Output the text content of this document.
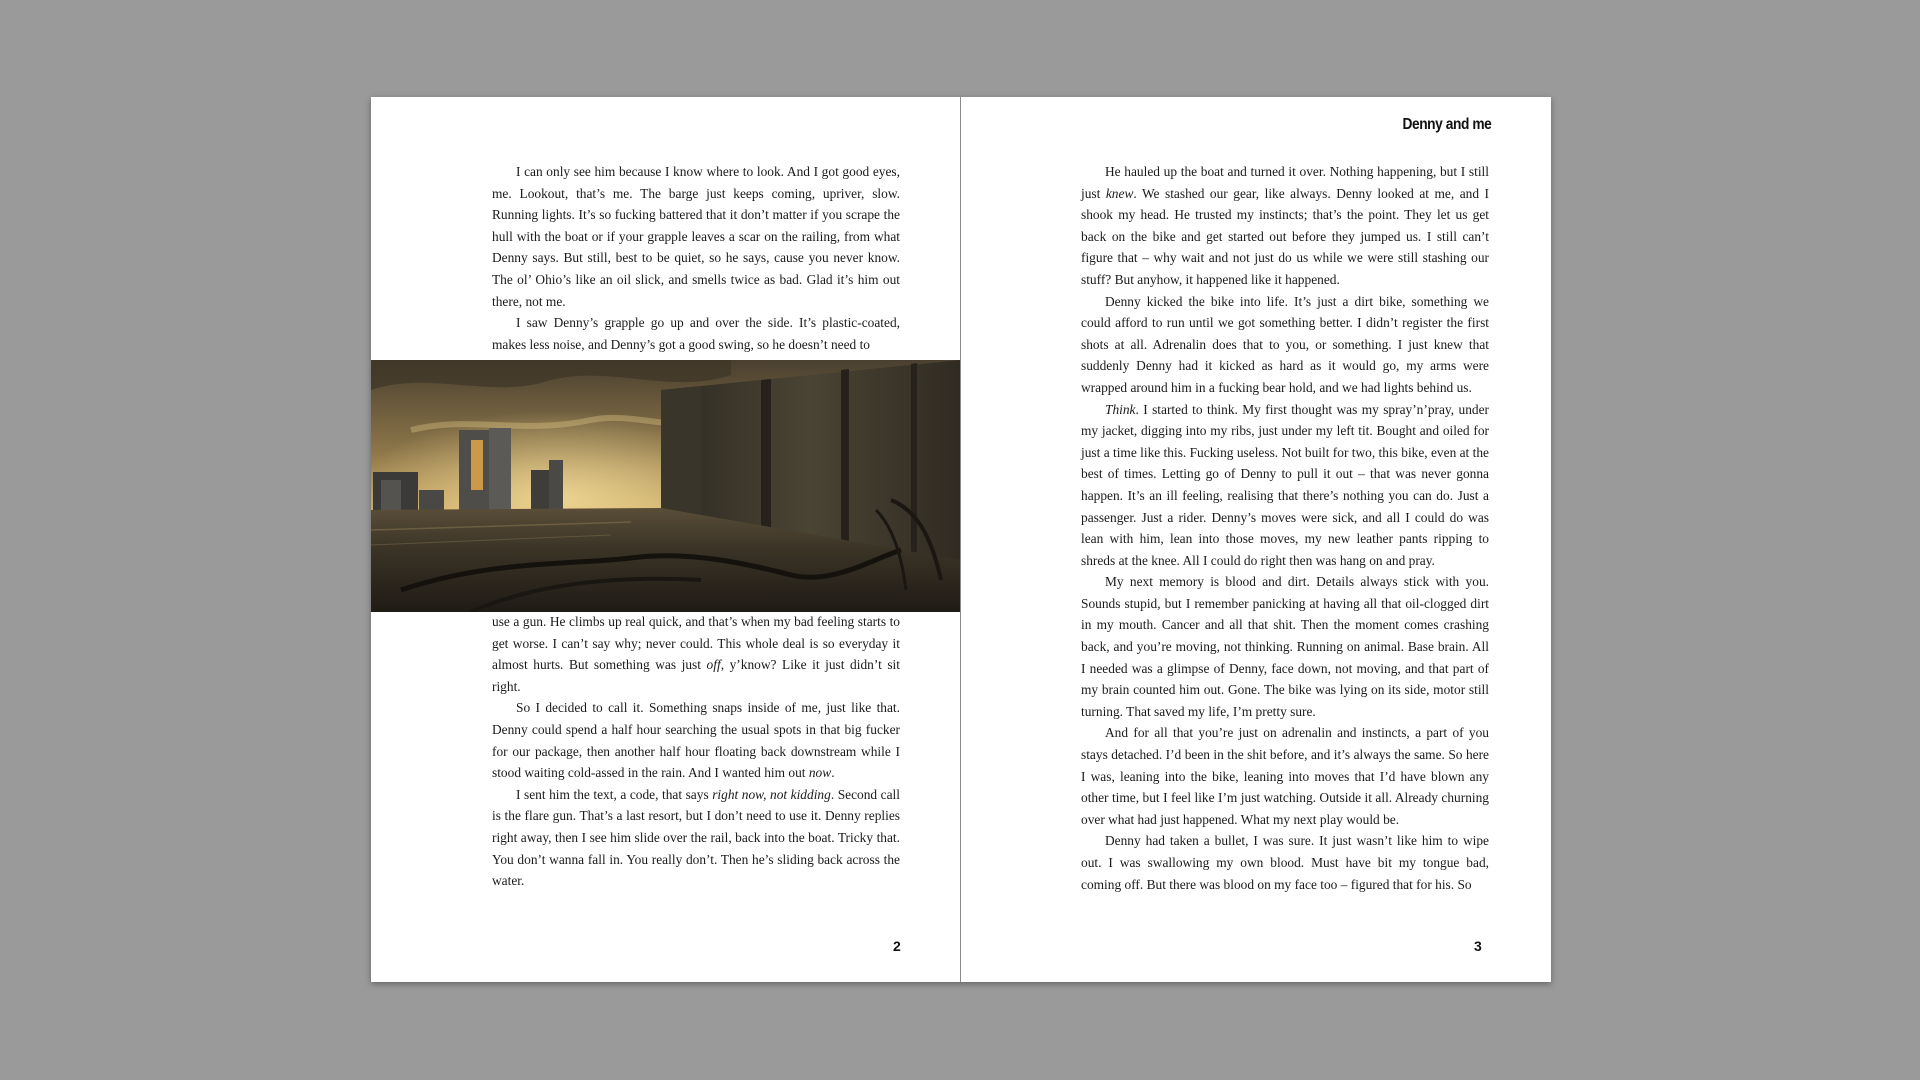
I can only see him because I know where to look. And I got good eyes, me. Lookout, that’s me. The barge just keeps coming, upriver, slow. Running lights. It’s so fucking battered that it don’t matter if you scrape the hull with the boat or if your grapple leaves a scar on the railing, from what Denny says. But still, best to be quiet, so he says, cause you never know. The ol’ Ohio’s like an oil slick, and smells twice as bad. Glad it’s him out there, not me.

I saw Denny’s grapple go up and over the side. It’s plastic-coated, makes less noise, and Denny’s got a good swing, so he doesn’t need to

use a gun. He climbs up real quick, and that’s when my bad feeling starts to get worse. I can’t say why; never could. This whole deal is so everyday it almost hurts. But something was just off, y’know? Like it just didn’t sit right.

So I decided to call it. Something snaps inside of me, just like that. Denny could spend a half hour searching the usual spots in that big fucker for our package, then another half hour floating back downstream while I stood waiting cold-assed in the rain. And I wanted him out now.

I sent him the text, a code, that says right now, not kidding. Second call is the flare gun. That’s a last resort, but I don’t need to use it. Denny replies right away, then I see him slide over the rail, back into the boat. Tricky that. You don’t wanna fall in. You really don’t. Then he’s sliding back across the water.

2
Denny and me

He hauled up the boat and turned it over. Nothing happening, but I still just knew. We stashed our gear, like always. Denny looked at me, and I shook my head. He trusted my instincts; that’s the point. They let us get back on the bike and get started out before they jumped us. I still can’t figure that – why wait and not just do us while we were still stashing our stuff? But anyhow, it happened like it happened.

Denny kicked the bike into life. It’s just a dirt bike, something we could afford to run until we got something better. I didn’t register the first shots at all. Adrenalin does that to you, or something. I just knew that suddenly Denny had it kicked as hard as it would go, my arms were wrapped around him in a fucking bear hold, and we had lights behind us.

Think. I started to think. My first thought was my spray’n’pray, under my jacket, digging into my ribs, just under my left tit. Bought and oiled for just a time like this. Fucking useless. Not built for two, this bike, even at the best of times. Letting go of Denny to pull it out – that was never gonna happen. It’s an ill feeling, realising that there’s nothing you can do. Just a passenger. Just a rider. Denny’s moves were sick, and all I could do was lean with him, lean into those moves, my new leather pants ripping to shreds at the knee. All I could do right then was hang on and pray.

My next memory is blood and dirt. Details always stick with you. Sounds stupid, but I remember panicking at having all that oil-clogged dirt in my mouth. Cancer and all that shit. Then the moment comes crashing back, and you’re moving, not thinking. Running on animal. Base brain. All I needed was a glimpse of Denny, face down, not moving, and that part of my brain counted him out. Gone. The bike was lying on its side, motor still turning. That saved my life, I’m pretty sure.

And for all that you’re just on adrenalin and instincts, a part of you stays detached. I’d been in the shit before, and it’s always the same. So here I was, leaning into the bike, leaning into moves that I’d have blown any other time, but I feel like I’m just watching. Outside it all. Already churning over what had just happened. What my next play would be.

Denny had taken a bullet, I was sure. It just wasn’t like him to wipe out. I was swallowing my own blood. Must have bit my tongue bad, coming off. But there was blood on my face too – figured that for his. So

3
